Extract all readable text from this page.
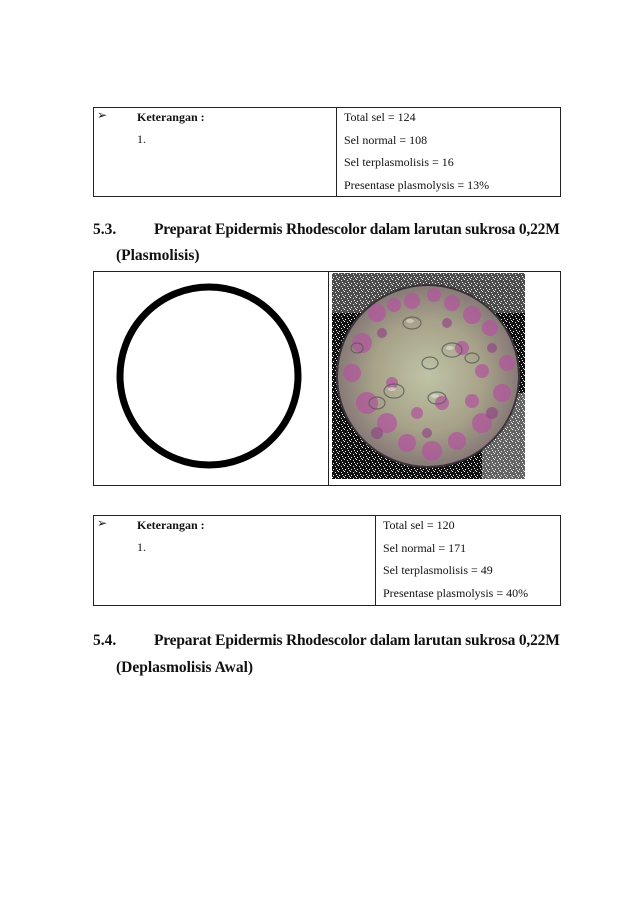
➢ Keterangan :
1.
Total sel = 124
Sel normal = 108
Sel terplasmolisis = 16
Presentase plasmolysis = 13%
5.3. Preparat Epidermis Rhodescolor dalam larutan sukrosa 0,22M
(Plasmolisis)
➢ Keterangan :
1.
Total sel = 120
Sel normal = 171
Sel terplasmolisis = 49
Presentase plasmolysis = 40%
5.4. Preparat Epidermis Rhodescolor dalam larutan sukrosa 0,22M
(Deplasmolisis Awal)
